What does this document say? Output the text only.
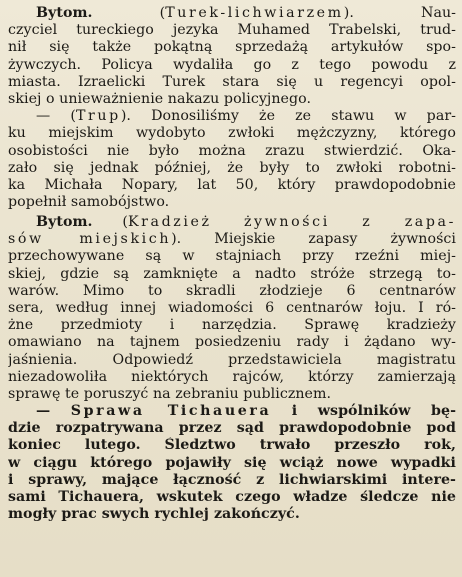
Bytom. (Turek-lichwiarzem). Nau-
czyciel tureckiego jezyka Muhamed Trabelski, trud-
nił się także pokątną sprzedażą artykułów spo-
żywczych. Policya wydaliła go z tego powodu z
miasta. Izraelicki Turek stara się u regencyi opol-
skiej o unieważnienie nakazu policyjnego.
— (Trup). Donosiliśmy że ze stawu w par-
ku miejskim wydobyto zwłoki mężczyzny, którego
osobistości nie było można zrazu stwierdzić. Oka-
zało się jednak później, że były to zwłoki robotni-
ka Michała Nopary, lat 50, który prawdopodobnie
popełnił samobójstwo.
Bytom. (Kradzież żywności z zapa-
sów miejskich). Miejskie zapasy żywności
przechowywane są w stajniach przy rzeźni miej-
skiej, gdzie są zamknięte a nadto stróże strzegą to-
warów. Mimo to skradli złodzieje 6 centnarów
sera, według innej wiadomości 6 centnarów łoju. I ró-
żne przedmioty i narzędzia. Sprawę kradzieży
omawiano na tajnem posiedzeniu rady i żądano wy-
jaśnienia. Odpowiedź przedstawiciela magistratu
niezadowoliła niektórych rajców, którzy zamierzają
sprawę te poruszyć na zebraniu publicznem.
— Sprawa Tichauera i wspólników bę-
dzie rozpatrywana przez sąd prawdopodobnie pod
koniec lutego. Śledztwo trwało przeszło rok,
w ciągu którego pojawiły się wciąż nowe wypadki
i sprawy, mające łączność z lichwiarskimi intere-
sami Tichauera, wskutek czego władze śledcze nie
mogły prac swych rychlej zakończyć.
